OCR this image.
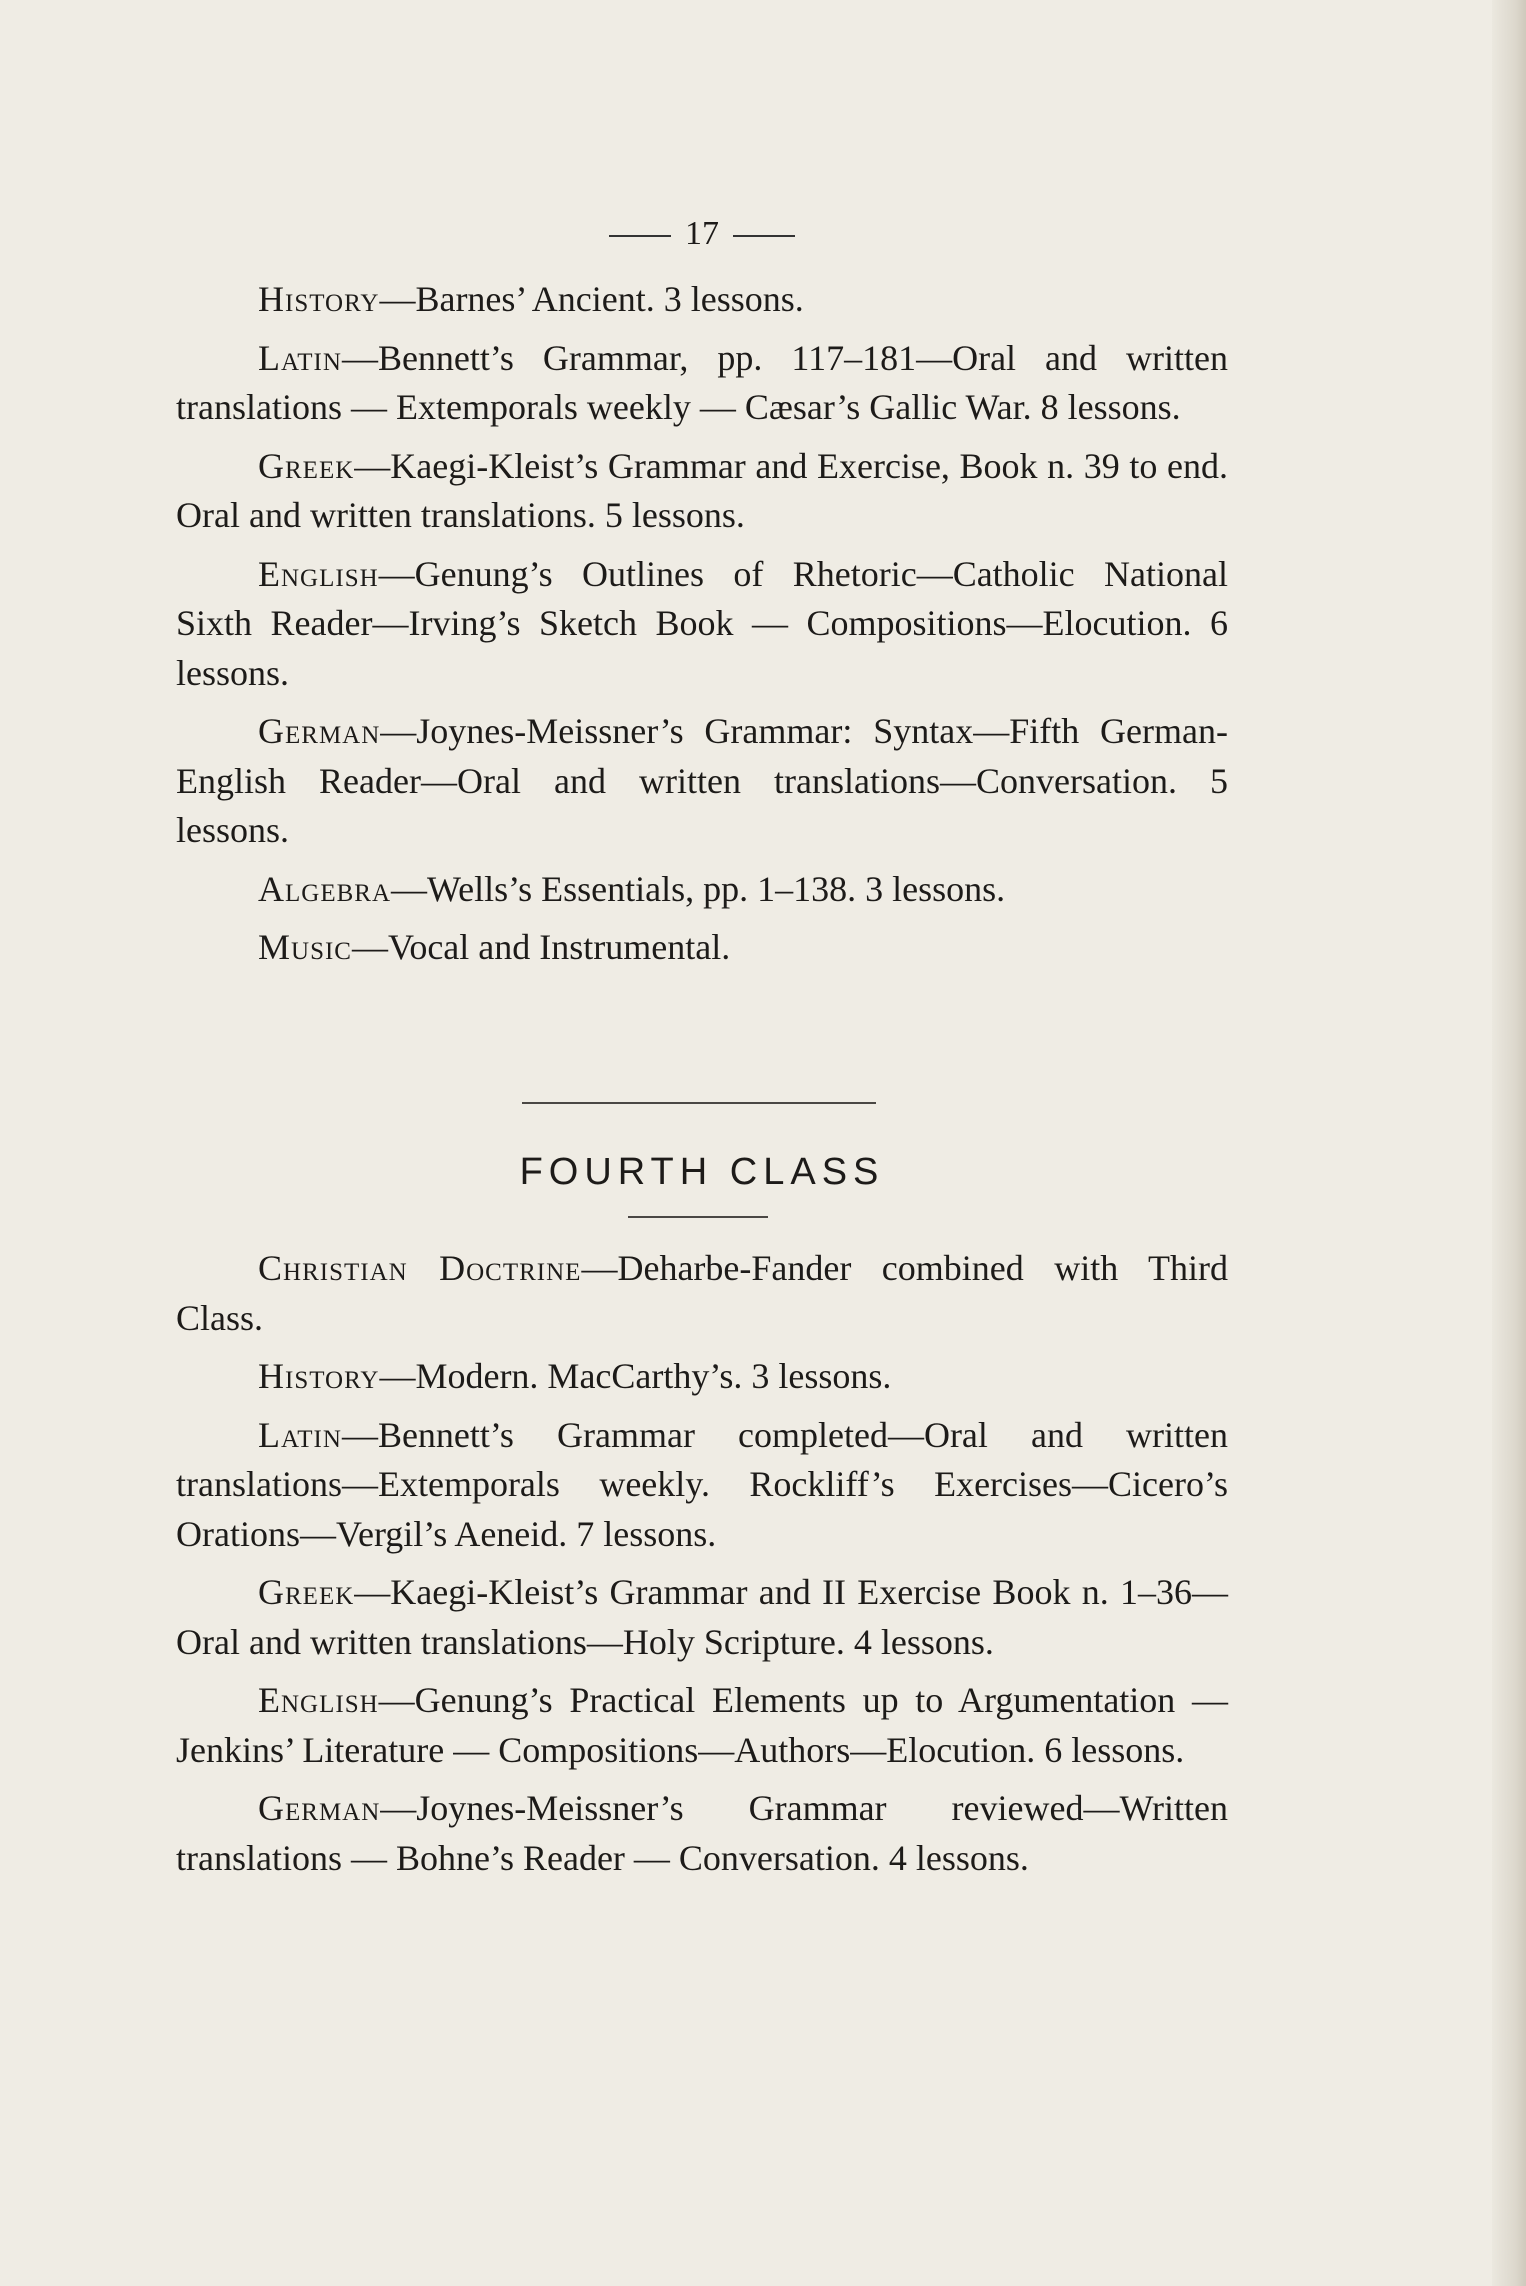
17

History—Barnes’ Ancient. 3 lessons.

Latin—Bennett’s Grammar, pp. 117–181—Oral and written translations — Extemporals weekly — Cæsar’s Gallic War. 8 lessons.

Greek—Kaegi-Kleist’s Grammar and Exercise, Book n. 39 to end. Oral and written translations. 5 lessons.

English—Genung’s Outlines of Rhetoric—Catholic National Sixth Reader—Irving’s Sketch Book — Compositions—Elocution. 6 lessons.

German—Joynes-Meissner’s Grammar: Syntax—Fifth German-English Reader—Oral and written translations—Conversation. 5 lessons.

Algebra—Wells’s Essentials, pp. 1–138. 3 lessons.

Music—Vocal and Instrumental.

FOURTH CLASS

Christian Doctrine—Deharbe-Fander combined with Third Class.

History—Modern. MacCarthy’s. 3 lessons.

Latin—Bennett’s Grammar completed—Oral and written translations—Extemporals weekly. Rockliff’s Exercises—Cicero’s Orations—Vergil’s Aeneid. 7 lessons.

Greek—Kaegi-Kleist’s Grammar and II Exercise Book n. 1–36—Oral and written translations—Holy Scripture. 4 lessons.

English—Genung’s Practical Elements up to Argumentation — Jenkins’ Literature — Compositions—Authors—Elocution. 6 lessons.

German—Joynes-Meissner’s Grammar reviewed—Written translations — Bohne’s Reader — Conversation. 4 lessons.
